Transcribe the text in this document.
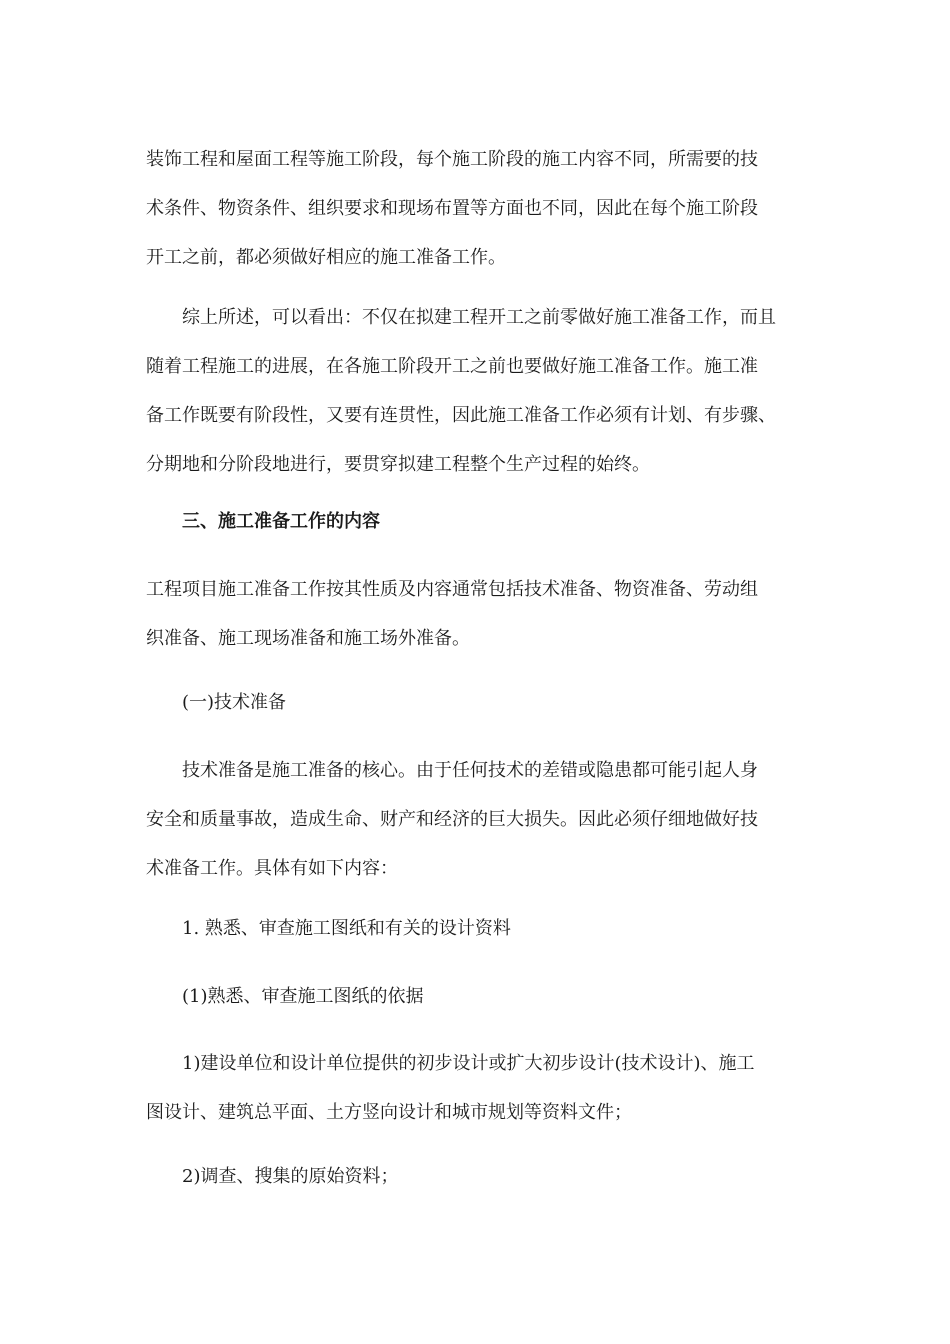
装饰工程和屋面工程等施工阶段，每个施工阶段的施工内容不同，所需要的技
术条件、物资条件、组织要求和现场布置等方面也不同，因此在每个施工阶段
开工之前，都必须做好相应的施工准备工作。
综上所述，可以看出：不仅在拟建工程开工之前零做好施工准备工作，而且
随着工程施工的进展，在各施工阶段开工之前也要做好施工准备工作。施工准
备工作既要有阶段性，又要有连贯性，因此施工准备工作必须有计划、有步骤、
分期地和分阶段地进行，要贯穿拟建工程整个生产过程的始终。
三、施工准备工作的内容
工程项目施工准备工作按其性质及内容通常包括技术准备、物资准备、劳动组
织准备、施工现场准备和施工场外准备。
(一)技术准备
技术准备是施工准备的核心。由于任何技术的差错或隐患都可能引起人身
安全和质量事故，造成生命、财产和经济的巨大损失。因此必须仔细地做好技
术准备工作。具体有如下内容：
1. 熟悉、审查施工图纸和有关的设计资料
(1)熟悉、审查施工图纸的依据
1)建设单位和设计单位提供的初步设计或扩大初步设计(技术设计)、施工
图设计、建筑总平面、土方竖向设计和城市规划等资料文件；
2)调查、搜集的原始资料；
